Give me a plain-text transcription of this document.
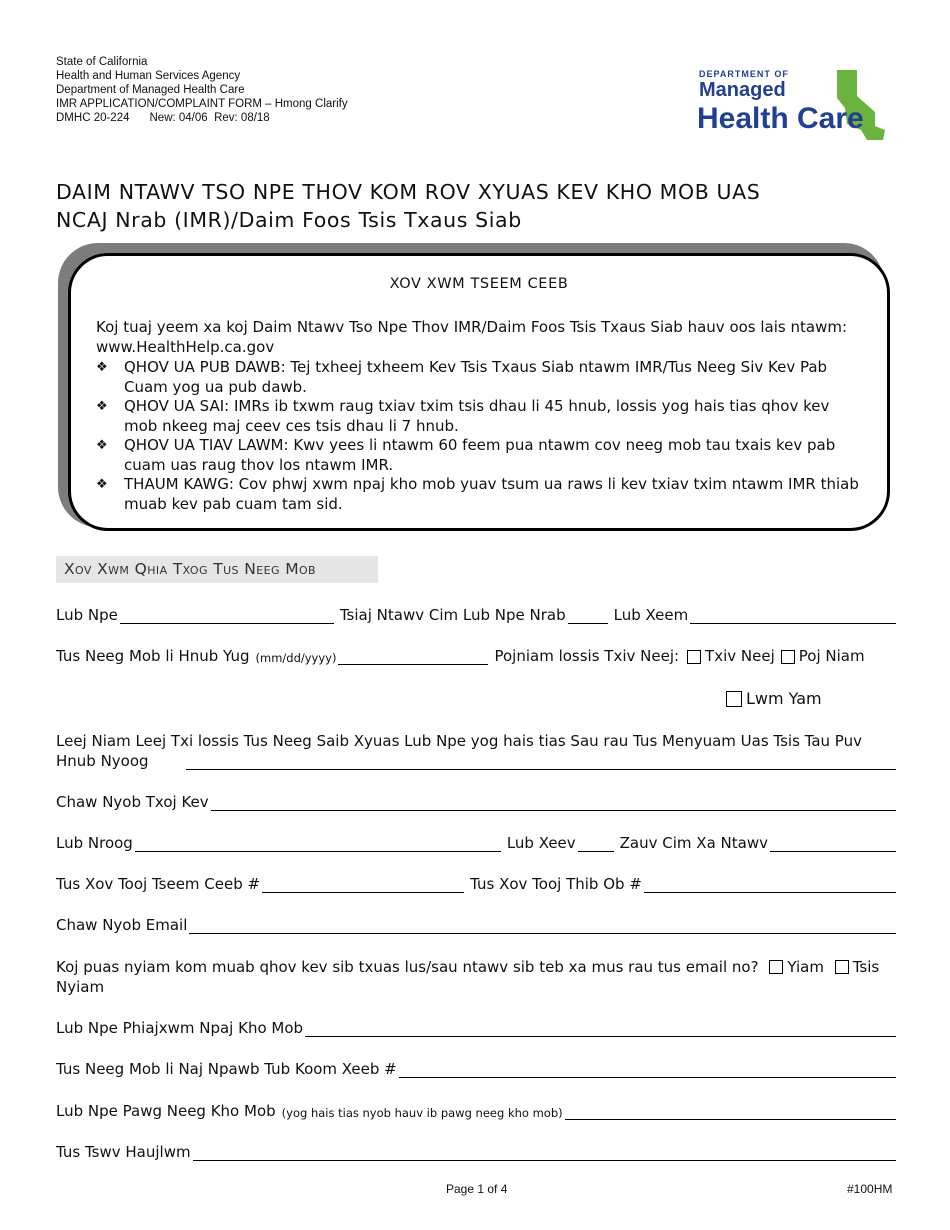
State of California
Health and Human Services Agency
Department of Managed Health Care
IMR APPLICATION/COMPLAINT FORM – Hmong Clarify
DMHC 20-224 New: 04/06 Rev: 08/18
DEPARTMENT OF
Managed
Health Care
DAIM NTAWV TSO NPE THOV KOM ROV XYUAS KEV KHO MOB UAS
NCAJ Nrab (IMR)/Daim Foos Tsis Txaus Siab
XOV XWM TSEEM CEEB
Koj tuaj yeem xa koj Daim Ntawv Tso Npe Thov IMR/Daim Foos Tsis Txaus Siab hauv oos lais ntawm: www.HealthHelp.ca.gov
❖ QHOV UA PUB DAWB: Tej txheej txheem Kev Tsis Txaus Siab ntawm IMR/Tus Neeg Siv Kev Pab Cuam yog ua pub dawb.
❖ QHOV UA SAI: IMRs ib txwm raug txiav txim tsis dhau li 45 hnub, lossis yog hais tias qhov kev mob nkeeg maj ceev ces tsis dhau li 7 hnub.
❖ QHOV UA TIAV LAWM: Kwv yees li ntawm 60 feem pua ntawm cov neeg mob tau txais kev pab cuam uas raug thov los ntawm IMR.
❖ THAUM KAWG: Cov phwj xwm npaj kho mob yuav tsum ua raws li kev txiav txim ntawm IMR thiab muab kev pab cuam tam sid.
Xov Xwm Qhia Txog Tus Neeg Mob
Lub Npe	Tsiaj Ntawv Cim Lub Npe Nrab	Lub Xeem
Tus Neeg Mob li Hnub Yug (mm/dd/yyyy)	Pojniam lossis Txiv Neej: Txiv Neej Poj Niam
Lwm Yam
Leej Niam Leej Txi lossis Tus Neeg Saib Xyuas Lub Npe yog hais tias Sau rau Tus Menyuam Uas Tsis Tau Puv Hnub Nyoog
Chaw Nyob Txoj Kev
Lub Nroog	Lub Xeev	Zauv Cim Xa Ntawv
Tus Xov Tooj Tseem Ceeb #	Tus Xov Tooj Thib Ob #
Chaw Nyob Email
Koj puas nyiam kom muab qhov kev sib txuas lus/sau ntawv sib teb xa mus rau tus email no? Yiam Tsis Nyiam
Lub Npe Phiajxwm Npaj Kho Mob
Tus Neeg Mob li Naj Npawb Tub Koom Xeeb #
Lub Npe Pawg Neeg Kho Mob (yog hais tias nyob hauv ib pawg neeg kho mob)
Tus Tswv Haujlwm
Page 1 of 4	#100HM
